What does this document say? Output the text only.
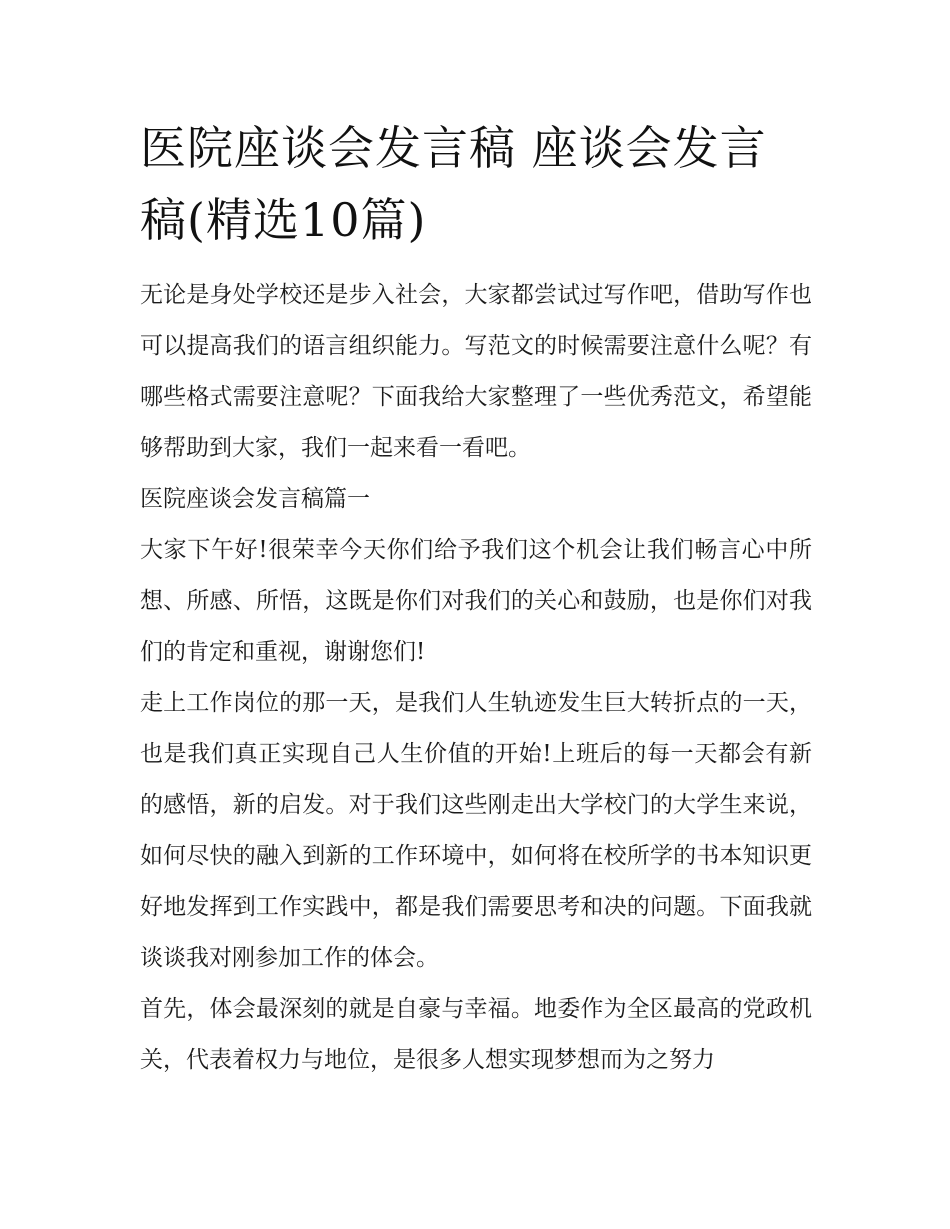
医院座谈会发言稿 座谈会发言稿(精选10篇)

无论是身处学校还是步入社会，大家都尝试过写作吧，借助写作也可以提高我们的语言组织能力。写范文的时候需要注意什么呢？有哪些格式需要注意呢？下面我给大家整理了一些优秀范文，希望能够帮助到大家，我们一起来看一看吧。

医院座谈会发言稿篇一

大家下午好!很荣幸今天你们给予我们这个机会让我们畅言心中所想、所感、所悟，这既是你们对我们的关心和鼓励，也是你们对我们的肯定和重视，谢谢您们!

走上工作岗位的那一天，是我们人生轨迹发生巨大转折点的一天，也是我们真正实现自己人生价值的开始!上班后的每一天都会有新的感悟，新的启发。对于我们这些刚走出大学校门的大学生来说，如何尽快的融入到新的工作环境中，如何将在校所学的书本知识更好地发挥到工作实践中，都是我们需要思考和决的问题。下面我就谈谈我对刚参加工作的体会。

首先，体会最深刻的就是自豪与幸福。地委作为全区最高的党政机关，代表着权力与地位，是很多人想实现梦想而为之努力
